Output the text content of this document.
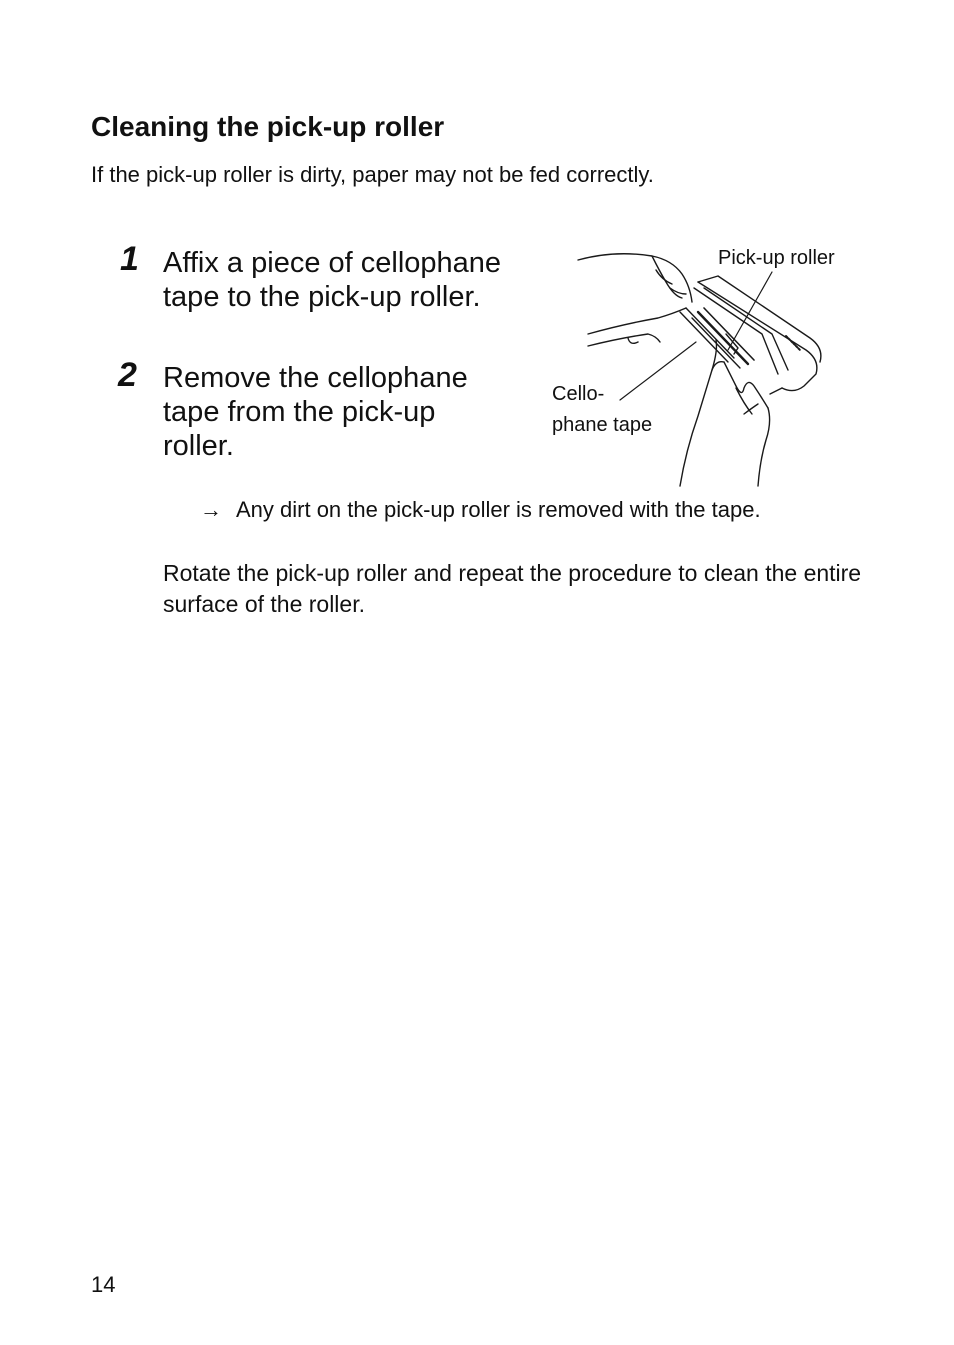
Cleaning the pick-up roller
If the pick-up roller is dirty, paper may not be fed correctly.
1 Affix a piece of cellophane tape to the pick-up roller.
2 Remove the cellophane tape from the pick-up roller.
Pick-up roller
Cello-
phane tape
→ Any dirt on the pick-up roller is removed with the tape.
Rotate the pick-up roller and repeat the procedure to clean the entire surface of the roller.
14
